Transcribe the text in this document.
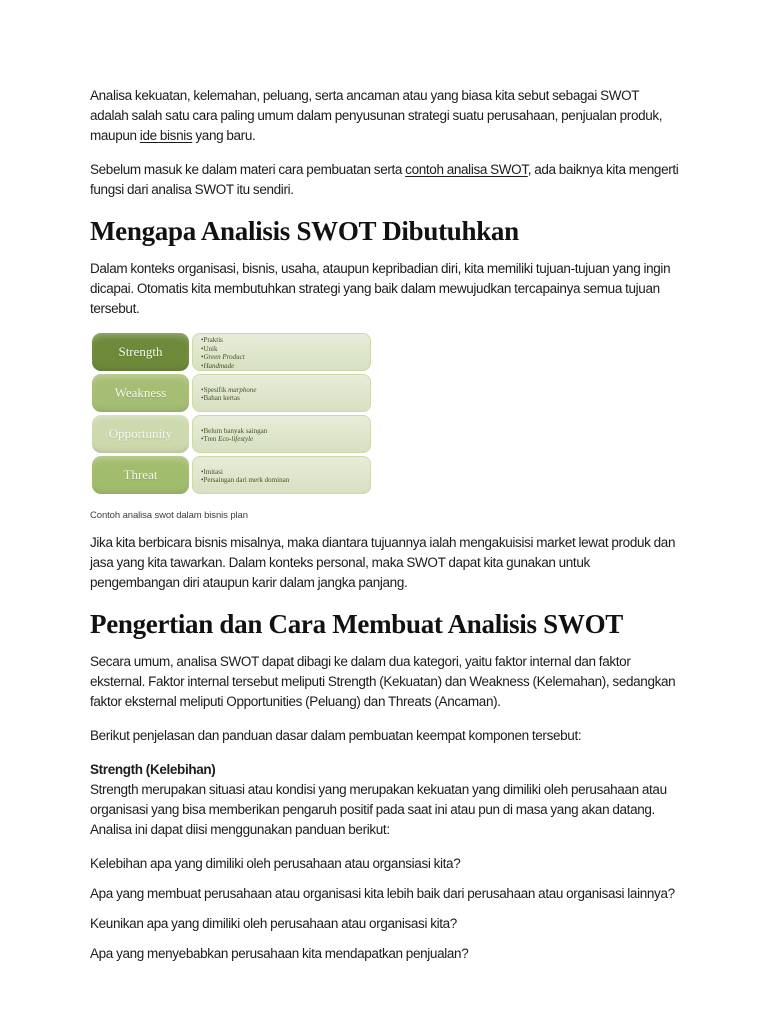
Analisa kekuatan, kelemahan, peluang, serta ancaman atau yang biasa kita sebut sebagai SWOT adalah salah satu cara paling umum dalam penyusunan strategi suatu perusahaan, penjualan produk, maupun ide bisnis yang baru.

Sebelum masuk ke dalam materi cara pembuatan serta contoh analisa SWOT, ada baiknya kita mengerti fungsi dari analisa SWOT itu sendiri.

Mengapa Analisis SWOT Dibutuhkan

Dalam konteks organisasi, bisnis, usaha, ataupun kepribadian diri, kita memiliki tujuan-tujuan yang ingin dicapai. Otomatis kita membutuhkan strategi yang baik dalam mewujudkan tercapainya semua tujuan tersebut.

Strength
•Praktis
•Unik
•Green Product
•Handmade
Weakness	•Spesifik marphone
•Bahan kertas
Opportunity	•Belum banyak saingan
•Tren Eco-lifestyle
Threat	•Imitasi
•Persaingan dari merk dominan

Contoh analisa swot dalam bisnis plan

Jika kita berbicara bisnis misalnya, maka diantara tujuannya ialah mengakuisisi market lewat produk dan jasa yang kita tawarkan. Dalam konteks personal, maka SWOT dapat kita gunakan untuk pengembangan diri ataupun karir dalam jangka panjang.

Pengertian dan Cara Membuat Analisis SWOT

Secara umum, analisa SWOT dapat dibagi ke dalam dua kategori, yaitu faktor internal dan faktor eksternal. Faktor internal tersebut meliputi Strength (Kekuatan) dan Weakness (Kelemahan), sedangkan faktor eksternal meliputi Opportunities (Peluang) dan Threats (Ancaman).

Berikut penjelasan dan panduan dasar dalam pembuatan keempat komponen tersebut:

Strength (Kelebihan)
Strength merupakan situasi atau kondisi yang merupakan kekuatan yang dimiliki oleh perusahaan atau organisasi yang bisa memberikan pengaruh positif pada saat ini atau pun di masa yang akan datang. Analisa ini dapat diisi menggunakan panduan berikut:

Kelebihan apa yang dimiliki oleh perusahaan atau organsiasi kita?

Apa yang membuat perusahaan atau organisasi kita lebih baik dari perusahaan atau organisasi lainnya?

Keunikan apa yang dimiliki oleh perusahaan atau organisasi kita?

Apa yang menyebabkan perusahaan kita mendapatkan penjualan?
